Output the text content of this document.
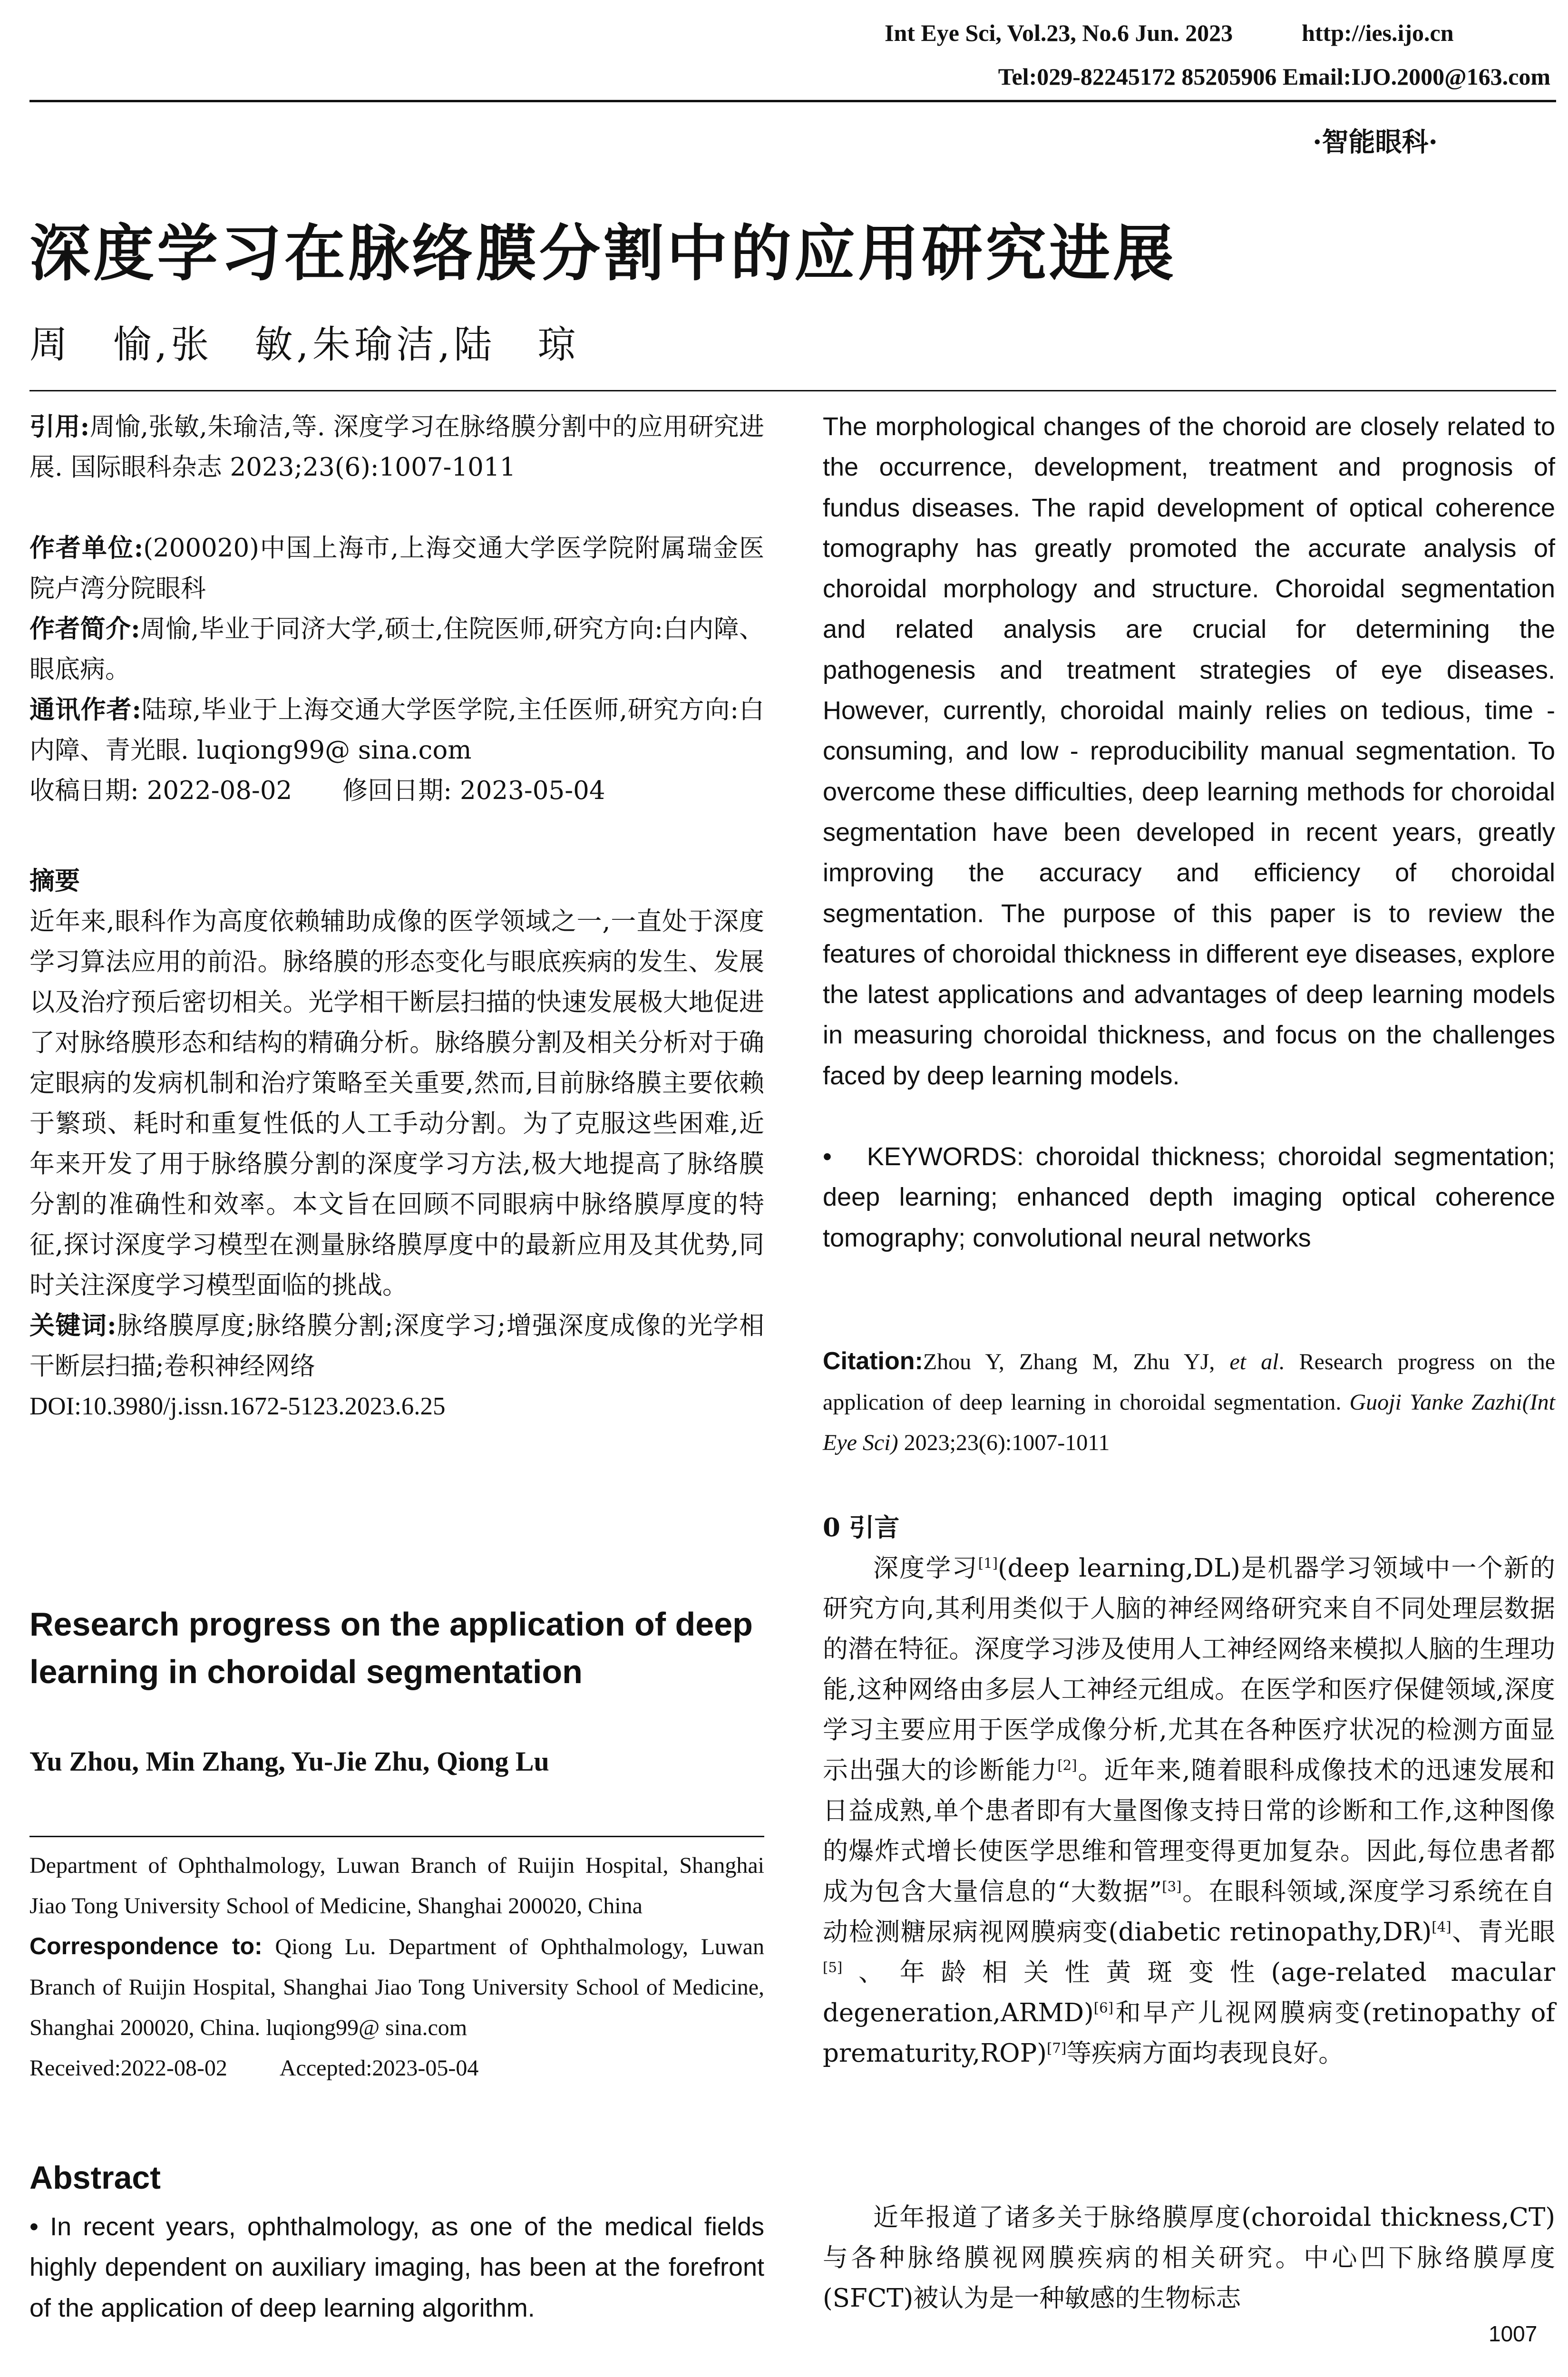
Int Eye Sci, Vol.23, No.6 Jun. 2023	http://ies.ijo.cn
Tel:029-82245172 85205906 Email:IJO.2000@163.com
·智能眼科·
深度学习在脉络膜分割中的应用研究进展
周　愉,张　敏,朱瑜洁,陆　琼
引用:周愉,张敏,朱瑜洁,等. 深度学习在脉络膜分割中的应用研究进展. 国际眼科杂志 2023;23(6):1007-1011
作者单位:(200020)中国上海市,上海交通大学医学院附属瑞金医院卢湾分院眼科
作者简介:周愉,毕业于同济大学,硕士,住院医师,研究方向:白内障、眼底病。
通讯作者:陆琼,毕业于上海交通大学医学院,主任医师,研究方向:白内障、青光眼. luqiong99@ sina.com
收稿日期: 2022-08-02　　修回日期: 2023-05-04
摘要
近年来,眼科作为高度依赖辅助成像的医学领域之一,一直处于深度学习算法应用的前沿。脉络膜的形态变化与眼底疾病的发生、发展以及治疗预后密切相关。光学相干断层扫描的快速发展极大地促进了对脉络膜形态和结构的精确分析。脉络膜分割及相关分析对于确定眼病的发病机制和治疗策略至关重要,然而,目前脉络膜主要依赖于繁琐、耗时和重复性低的人工手动分割。为了克服这些困难,近年来开发了用于脉络膜分割的深度学习方法,极大地提高了脉络膜分割的准确性和效率。本文旨在回顾不同眼病中脉络膜厚度的特征,探讨深度学习模型在测量脉络膜厚度中的最新应用及其优势,同时关注深度学习模型面临的挑战。
关键词:脉络膜厚度;脉络膜分割;深度学习;增强深度成像的光学相干断层扫描;卷积神经网络
DOI:10.3980/j.issn.1672-5123.2023.6.25
Research progress on the application of deep learning in choroidal segmentation
Yu Zhou, Min Zhang, Yu-Jie Zhu, Qiong Lu
Department of Ophthalmology, Luwan Branch of Ruijin Hospital, Shanghai Jiao Tong University School of Medicine, Shanghai 200020, China
Correspondence to: Qiong Lu. Department of Ophthalmology, Luwan Branch of Ruijin Hospital, Shanghai Jiao Tong University School of Medicine, Shanghai 200020, China. luqiong99@ sina.com
Received:2022-08-02 Accepted:2023-05-04
Abstract
• In recent years, ophthalmology, as one of the medical fields highly dependent on auxiliary imaging, has been at the forefront of the application of deep learning algorithm.
The morphological changes of the choroid are closely related to the occurrence, development, treatment and prognosis of fundus diseases. The rapid development of optical coherence tomography has greatly promoted the accurate analysis of choroidal morphology and structure. Choroidal segmentation and related analysis are crucial for determining the pathogenesis and treatment strategies of eye diseases. However, currently, choroidal mainly relies on tedious, time - consuming, and low - reproducibility manual segmentation. To overcome these difficulties, deep learning methods for choroidal segmentation have been developed in recent years, greatly improving the accuracy and efficiency of choroidal segmentation. The purpose of this paper is to review the features of choroidal thickness in different eye diseases, explore the latest applications and advantages of deep learning models in measuring choroidal thickness, and focus on the challenges faced by deep learning models.
•　KEYWORDS: choroidal thickness; choroidal segmentation; deep learning; enhanced depth imaging optical coherence tomography; convolutional neural networks
Citation:Zhou Y, Zhang M, Zhu YJ, et al. Research progress on the application of deep learning in choroidal segmentation. Guoji Yanke Zazhi(Int Eye Sci) 2023;23(6):1007-1011
0 引言
深度学习[1](deep learning,DL)是机器学习领域中一个新的研究方向,其利用类似于人脑的神经网络研究来自不同处理层数据的潜在特征。深度学习涉及使用人工神经网络来模拟人脑的生理功能,这种网络由多层人工神经元组成。在医学和医疗保健领域,深度学习主要应用于医学成像分析,尤其在各种医疗状况的检测方面显示出强大的诊断能力[2]。近年来,随着眼科成像技术的迅速发展和日益成熟,单个患者即有大量图像支持日常的诊断和工作,这种图像的爆炸式增长使医学思维和管理变得更加复杂。因此,每位患者都成为包含大量信息的“大数据”[3]。在眼科领域,深度学习系统在自动检测糖尿病视网膜病变(diabetic retinopathy,DR)[4]、青光眼[5]、年龄相关性黄斑变性(age-related macular degeneration,ARMD)[6]和早产儿视网膜病变(retinopathy of prematurity,ROP)[7]等疾病方面均表现良好。
近年报道了诸多关于脉络膜厚度(choroidal thickness,CT)与各种脉络膜视网膜疾病的相关研究。中心凹下脉络膜厚度(SFCT)被认为是一种敏感的生物标志
1007
